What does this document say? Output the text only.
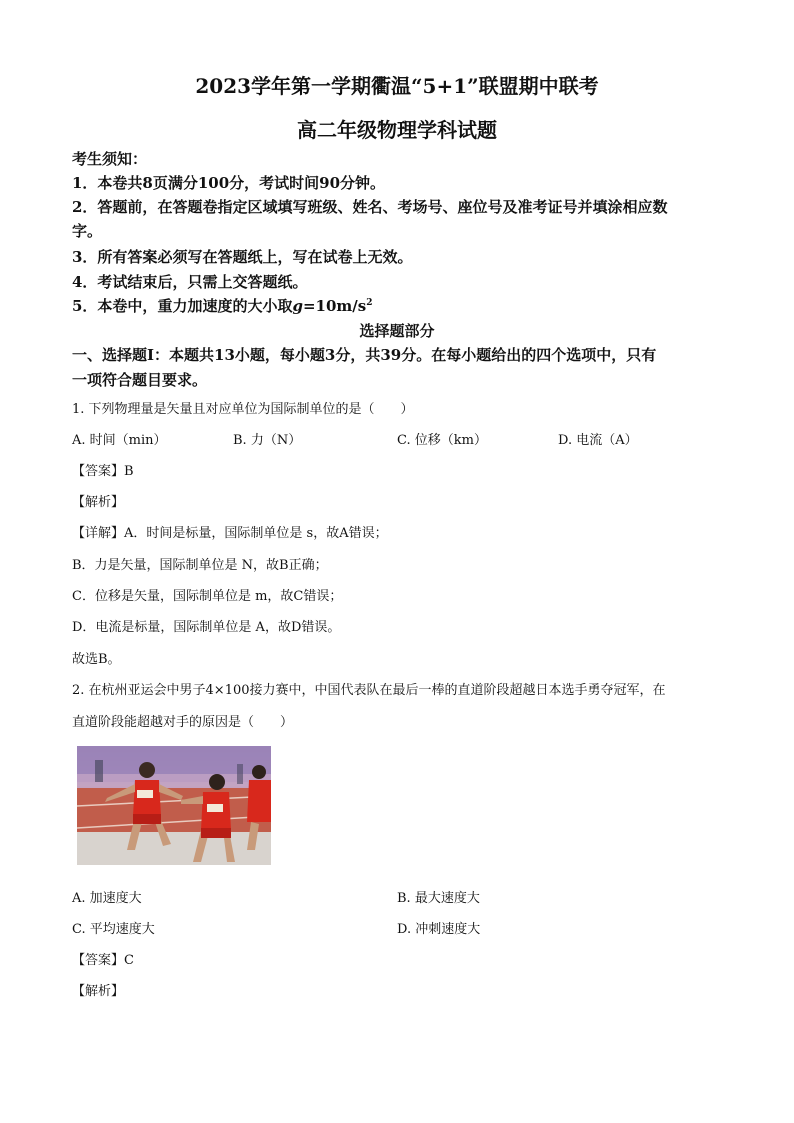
2023学年第一学期衢温“5+1”联盟期中联考
高二年级物理学科试题
考生须知：
1．本卷共8页满分100分，考试时间90分钟。
2．答题前，在答题卷指定区域填写班级、姓名、考场号、座位号及准考证号并填涂相应数
字。
3．所有答案必须写在答题纸上，写在试卷上无效。
4．考试结束后，只需上交答题纸。
5．本卷中，重力加速度的大小取$g=10m/s^2$
选择题部分
一、选择题Ⅰ：本题共13小题，每小题3分，共39分。在每小题给出的四个选项中，只有
一项符合题目要求。
1. 下列物理量是矢量且对应单位为国际制单位的是（　　）
A. 时间（min）	B. 力（N）	C. 位移（km）	D. 电流（A）
【答案】B
【解析】
【详解】A．时间是标量，国际制单位是 s，故A错误；
B．力是矢量，国际制单位是 N，故B正确；
C．位移是矢量，国际制单位是 m，故C错误；
D．电流是标量，国际制单位是 A，故D错误。
故选B。
2. 在杭州亚运会中男子4×100接力赛中，中国代表队在最后一棒的直道阶段超越日本选手勇夺冠军，在
直道阶段能超越对手的原因是（　　）
A. 加速度大	B. 最大速度大
C. 平均速度大	D. 冲刺速度大
【答案】C
【解析】
